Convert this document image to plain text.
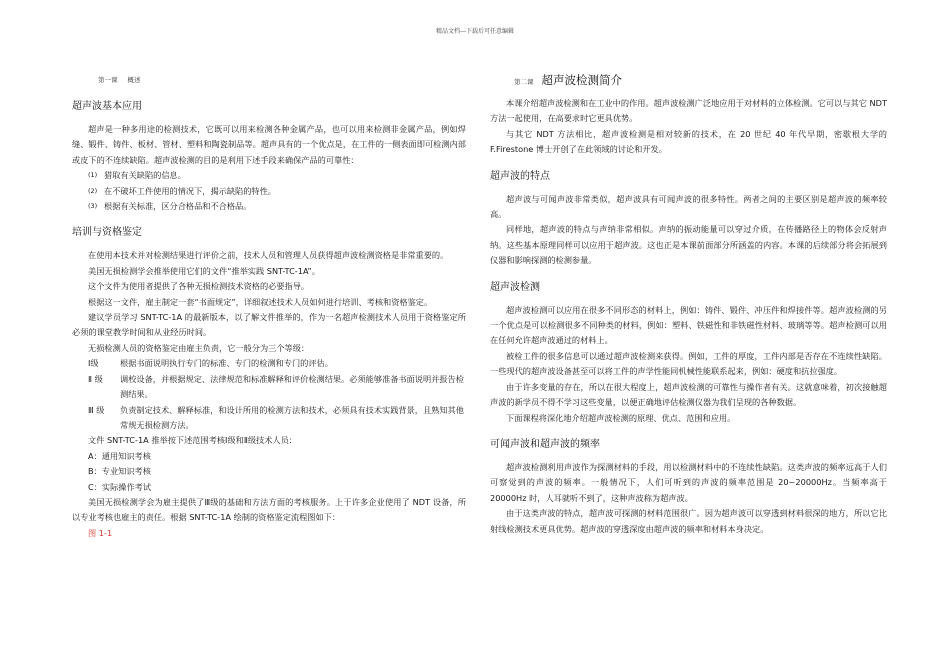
精品文档---下载后可任意编辑
第一课 概述
超声波基本应用

超声是一种多用途的检测技术，它既可以用来检测各种金属产品，也可以用来检测非金属产品，例如焊缝、锻件、铸件、板材、管材、塑料和陶瓷制品等。超声具有的一个优点是，在工件的一侧表面即可检测内部或皮下的不连续缺陷。超声波检测的目的是利用下述手段来确保产品的可靠性：

(1) 猎取有关缺陷的信息。
(2) 在不破坏工件使用的情况下，揭示缺陷的特性。
(3) 根据有关标准，区分合格品和不合格品。
培训与资格鉴定

在使用本技术并对检测结果进行评价之前，技术人员和管理人员获得超声波检测资格是非常重要的。

美国无损检测学会推举使用它们的文件“推举实践 SNT-TC-1A”。

这个文件为使用者提供了各种无损检测技术资格的必要指导。

根据这一文件，雇主制定一套“书面规定”，详细叙述技术人员如何进行培训、考核和资格鉴定。

建议学员学习 SNT-TC-1A 的最新版本，以了解文件推举的，作为一名超声检测技术人员用于资格鉴定所必须的课堂教学时间和从业经历时间。

无损检测人员的资格鉴定由雇主负责，它一般分为三个等级：

Ⅰ级	根据书面说明执行专门的标准、专门的检测和专门的评估。
Ⅱ 级	调校设备，并根据规定、法律规范和标准解释和评价检测结果。必须能够准备书面说明并报告检测结果。
Ⅲ 级	负责制定技术、解释标准，和设计所用的检测方法和技术，必须具有技术实践背景，且熟知其他常规无损检测方法。

文件 SNT-TC-1A 推举按下述范围考核Ⅰ级和Ⅱ级技术人员：

A：通用知识考核
B：专业知识考核
C：实际操作考试

美国无损检测学会为雇主提供了Ⅲ级的基础和方法方面的考核服务。上于许多企业使用了 NDT 设备，所以专业考核也雇主的责任。根据 SNT-TC-1A 绘制的资格鉴定流程图如下：

图 1-1
第二课 超声波检测简介

本课介绍超声波检测和在工业中的作用。超声波检测广泛地应用于对材料的立体检测。它可以与其它 NDT 方法一起使用，在高要求时它更具优势。

与其它 NDT 方法相比，超声波检测是相对较新的技术，在 20 世纪 40 年代早期，密歇根大学的 F.Firestone 博士开创了在此领域的讨论和开发。

超声波的特点

超声波与可闻声波非常类似，超声波具有可闻声波的很多特性。两者之间的主要区别是超声波的频率较高。

同样地，超声波的特点与声纳非常相似。声纳的振动能量可以穿过介质，在传播路径上的物体会反射声纳。这些基本原理同样可以应用于超声波。这也正是本课前面部分所涵盖的内容。本课的后续部分将会拓展到仪器和影响探测的检测参量。

超声波检测

超声波检测可以应用在很多不同形态的材料上，例如：铸件、锻件、冲压件和焊接件等。超声波检测的另一个优点是可以检测很多不同种类的材料，例如：塑料、铁磁性和非铁磁性材料、玻璃等等。超声检测可以用在任何允许超声波通过的材料上。

被检工件的很多信息可以通过超声波检测来获得。例如，工件的厚度，工件内部是否存在不连续性缺陷。一些现代的超声波设备甚至可以将工件的声学性能同机械性能联系起来，例如：硬度和抗拉强度。

由于许多变量的存在，所以在很大程度上，超声波检测的可靠性与操作者有关。这就意味着，初次接触超声波的新学员不得不学习这些变量，以便正确地评估检测仪器为我们呈现的各种数据。

下面课程将深化地介绍超声波检测的原理、优点、范围和应用。

可闻声波和超声波的频率

超声波检测利用声波作为探测材料的手段，用以检测材料中的不连续性缺陷。这类声波的频率远高于人们可察觉到的声波的频率。一般情况下，人们可听到的声波的频率范围是 20~20000Hz。当频率高于 20000Hz 时，人耳就听不到了，这种声波称为超声波。

由于这类声波的特点，超声波可探测的材料范围很广。因为超声波可以穿透到材料很深的地方，所以它比射线检测技术更具优势。超声波的穿透深度由超声波的频率和材料本身决定。
